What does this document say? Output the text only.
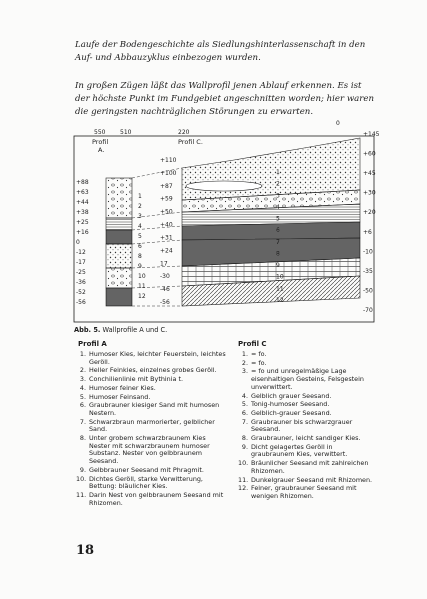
Laufe der Bodengeschichte als Siedlungshinterlassenschaft in den Auf- und Abbauzyklus einbezogen wurden.

In großen Zügen läßt das Wallprofil jenen Ablauf erkennen. Es ist der höchste Punkt im Fundgebiet angeschnitten worden; hier waren die geringsten nachträglichen Störungen zu erwarten.

550 510	220
0
Profil
A.
Profil C.
+88
+63
+44
+38
+25
+16
0
-12
-17
-25
-36
-52
-56
+110
+100
+87
+59
+50
+40
+31
+24
17
-30
-46
-56
+145
+60
+45
+30
+20
+6
-10
-35
-50
-70
1
2
3
4
5
6
8
9
10
11
12
1
2
3
4
5
6
7
8
9
10
11
12
Abb. 5. Wallprofile A und C.
Profil A
1. Humoser Kies, leichter Feuerstein, leichtes Geröll.
2. Heller Feinkies, einzelnes grobes Geröll.
3. Conchilienlinie mit Bythinia t.
4. Humoser feiner Kies.
5. Humoser Feinsand.
6. Graubrauner kiesiger Sand mit humosen Nestern.
7. Schwarzbraun marmorierter, gelblicher Sand.
8. Unter grobem schwarzbraunem Kies Nester mit schwarzbraunem humoser Substanz. Nester von gelbbraunem Seesand.
9. Gelbbrauner Seesand mit Phragmit.
10. Dichtes Geröll, starke Verwitterung, Bettung: bläulicher Kies.
11. Darin Nest von gelbbraunem Seesand mit Rhizomen.
Profil C
1. = fo.
2. = fo.
3. = fo und unregelmäßige Lage eisenhaltigen Gesteins, Felsgestein unverwittert.
4. Gelblich grauer Seesand.
5. Tonig-humoser Seesand.
6. Gelblich-grauer Seesand.
7. Graubrauner bis schwarzgrauer Seesand.
8. Graubrauner, leicht sandiger Kies.
9. Dicht gelagertes Geröll in graubraunem Kies, verwittert.
10. Bräunlicher Seesand mit zahlreichen Rhizomen.
11. Dunkelgrauer Seesand mit Rhizomen.
12. Feiner, graubrauner Seesand mit wenigen Rhizomen.
18
